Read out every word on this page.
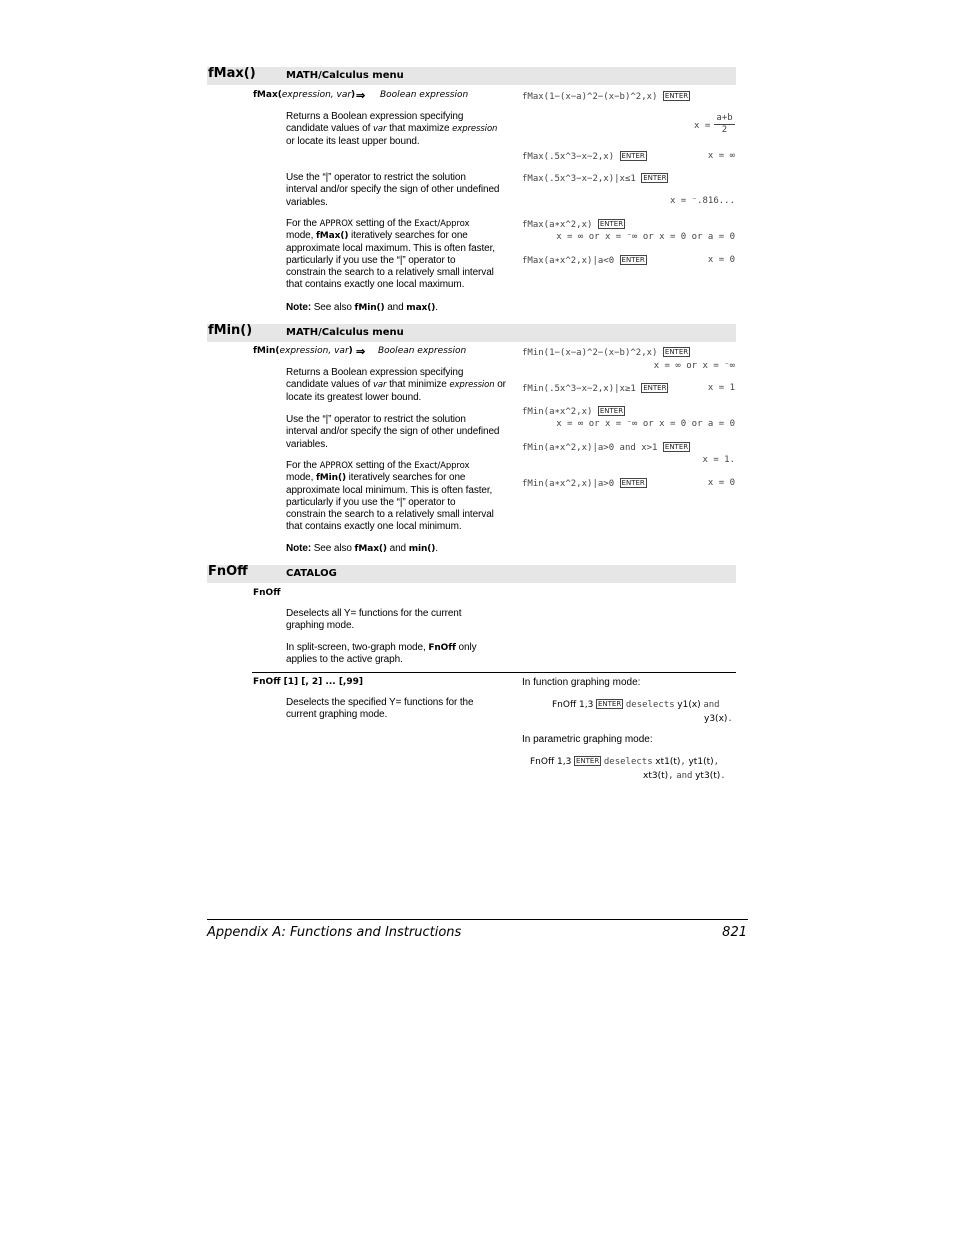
fMax()	MATH/Calculus menu
fMax(expression, var) ⇒ Boolean expression
Returns a Boolean expression specifying
candidate values of var that maximize expression
or locate its least upper bound.
Use the “|” operator to restrict the solution
interval and/or specify the sign of other undefined
variables.
For the APPROX setting of the Exact/Approx
mode, fMax() iteratively searches for one
approximate local maximum. This is often faster,
particularly if you use the “|” operator to
constrain the search to a relatively small interval
that contains exactly one local maximum.
Note: See also fMin() and max().
fMax(1−(x−a)^2−(x−b)^2,x) ENTER
x =
a+b
2
fMax(.5x^3−x−2,x) ENTER	x = ∞
fMax(.5x^3−x−2,x)|x≤1 ENTER
x = ⁻.816...
fMax(a∗x^2,x) ENTER
x = ∞ or x = ⁻∞ or x = 0 or a = 0
fMax(a∗x^2,x)|a<0 ENTER	x = 0
fMin()	MATH/Calculus menu
fMin(expression, var) ⇒ Boolean expression
Returns a Boolean expression specifying
candidate values of var that minimize expression or
locate its greatest lower bound.
Use the “|” operator to restrict the solution
interval and/or specify the sign of other undefined
variables.
For the APPROX setting of the Exact/Approx
mode, fMin() iteratively searches for one
approximate local minimum. This is often faster,
particularly if you use the “|” operator to
constrain the search to a relatively small interval
that contains exactly one local minimum.
Note: See also fMax() and min().
fMin(1−(x−a)^2−(x−b)^2,x) ENTER
x = ∞ or x = ⁻∞
fMin(.5x^3−x−2,x)|x≥1 ENTER	x = 1
fMin(a∗x^2,x) ENTER
x = ∞ or x = ⁻∞ or x = 0 or a = 0
fMin(a∗x^2,x)|a>0 and x>1 ENTER
x = 1.
fMin(a∗x^2,x)|a>0 ENTER	x = 0
FnOff	CATALOG
FnOff
Deselects all Y= functions for the current
graphing mode.
In split-screen, two-graph mode, FnOff only
applies to the active graph.
FnOff [1] [, 2] ... [,99]
Deselects the specified Y= functions for the
current graphing mode.
In function graphing mode:
FnOff 1,3 ENTER deselects y1(x) and
y3(x).
In parametric graphing mode:
FnOff 1,3 ENTER deselects xt1(t), yt1(t),
xt3(t), and yt3(t).
Appendix A: Functions and Instructions	821
